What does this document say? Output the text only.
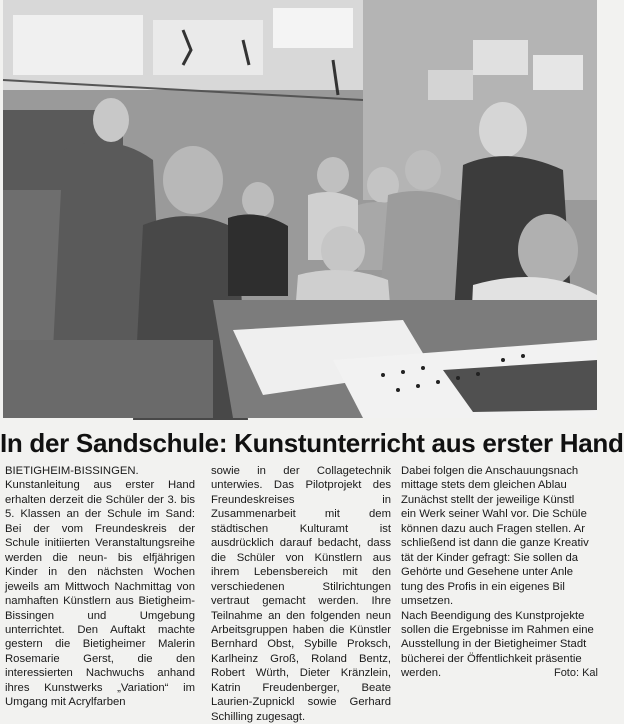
In der Sandschule: Kunstunterricht aus erster Hand
BIETIGHEIM-BISSINGEN. Kunstanleitung aus erster Hand erhalten derzeit die Schüler der 3. bis 5. Klassen an der Schule im Sand: Bei der vom Freundeskreis der Schule initiierten Veranstaltungsreihe werden die neun- bis elfjährigen Kinder in den nächsten Wochen jeweils am Mittwoch Nachmittag von namhaften Künstlern aus Bietigheim-Bissingen und Umgebung unterrichtet. Den Auftakt machte gestern die Bietigheimer Malerin Rosemarie Gerst, die den interessierten Nachwuchs anhand ihres Kunstwerks „Variation“ im Umgang mit Acrylfarben
sowie in der Collagetechnik unterwies. Das Pilotprojekt des Freundeskreises in Zusammenarbeit mit dem städtischen Kulturamt ist ausdrücklich darauf bedacht, dass die Schüler von Künstlern aus ihrem Lebensbereich mit den verschiedenen Stilrichtungen vertraut gemacht werden. Ihre Teilnahme an den folgenden neun Arbeitsgruppen haben die Künstler Bernhard Obst, Sybille Proksch, Karlheinz Groß, Roland Bentz, Robert Würth, Dieter Kränzlein, Katrin Freudenberger, Beate Laurien-Zupnickl sowie Gerhard Schilling zugesagt.
Dabei folgen die Anschauungsnach
mittage stets dem gleichen Ablau
Zunächst stellt der jeweilige Künstl
ein Werk seiner Wahl vor. Die Schüle
können dazu auch Fragen stellen. Ar
schließend ist dann die ganze Kreativ
tät der Kinder gefragt: Sie sollen da
Gehörte und Gesehene unter Anle
tung des Profis in ein eigenes Bil
umsetzen.
Nach Beendigung des Kunstprojekte
sollen die Ergebnisse im Rahmen eine
Ausstellung in der Bietigheimer Stadt
bücherei der Öffentlichkeit präsentie
werden.	Foto: Kal
